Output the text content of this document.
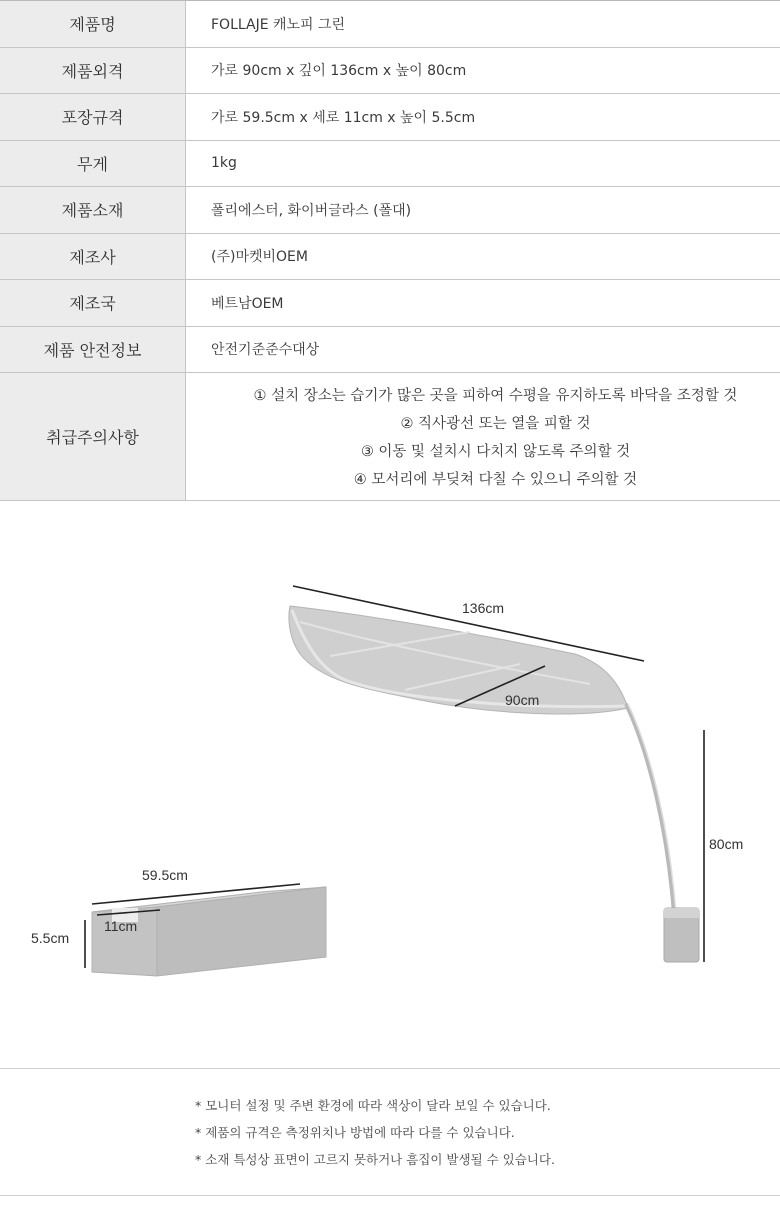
제품명	FOLLAJE 캐노피 그린
제품외격	가로 90cm x 깊이 136cm x 높이 80cm
포장규격	가로 59.5cm x 세로 11cm x 높이 5.5cm
무게	1kg
제품소재	폴리에스터, 화이버글라스 (폴대)
제조사	(주)마켓비OEM
제조국	베트남OEM
제품 안전정보	안전기준준수대상
취급주의사항
① 설치 장소는 습기가 많은 곳을 피하여 수평을 유지하도록 바닥을 조정할 것
② 직사광선 또는 열을 피할 것
③ 이동 및 설치시 다치지 않도록 주의할 것
④ 모서리에 부딪쳐 다칠 수 있으니 주의할 것
136cm
90cm
80cm
59.5cm
11cm
5.5cm

* 모니터 설정 및 주변 환경에 따라 색상이 달라 보일 수 있습니다.

* 제품의 규격은 측정위치나 방법에 따라 다를 수 있습니다.

* 소재 특성상 표면이 고르지 못하거나 흠집이 발생될 수 있습니다.
